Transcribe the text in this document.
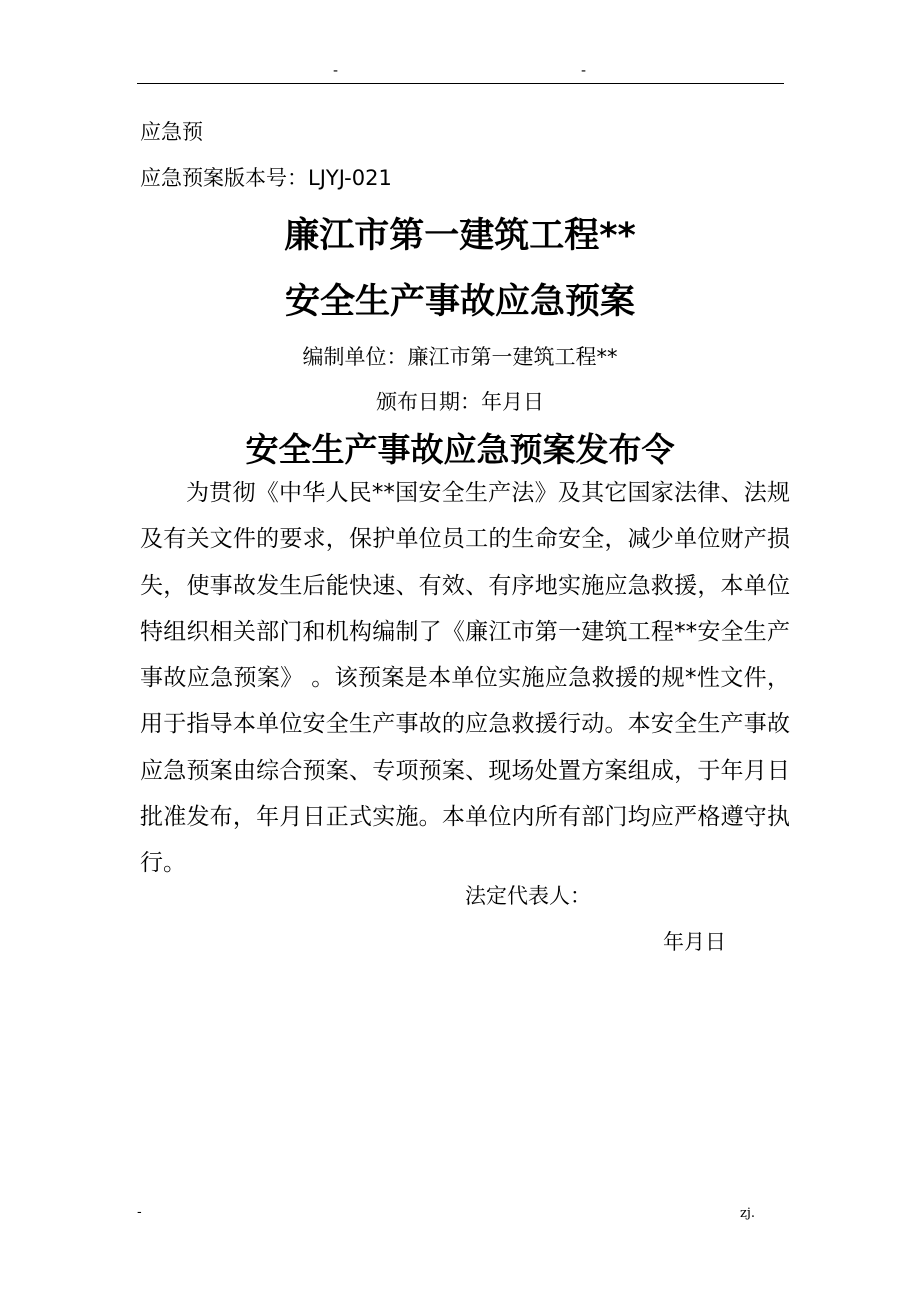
-	-
应急预
应急预案版本号：LJYJ-021
廉江市第一建筑工程**
安全生产事故应急预案
编制单位：廉江市第一建筑工程**
颁布日期：年月日
安全生产事故应急预案发布令

为贯彻《中华人民**国安全生产法》及其它国家法律、法规及有关文件的要求，保护单位员工的生命安全，减少单位财产损失，使事故发生后能快速、有效、有序地实施应急救援，本单位特组织相关部门和机构编制了《廉江市第一建筑工程**安全生产事故应急预案》 。该预案是本单位实施应急救援的规*性文件，用于指导本单位安全生产事故的应急救援行动。本安全生产事故应急预案由综合预案、专项预案、现场处置方案组成，于年月日批准发布，年月日正式实施。本单位内所有部门均应严格遵守执行。

法定代表人：
年月日
-	zj.
